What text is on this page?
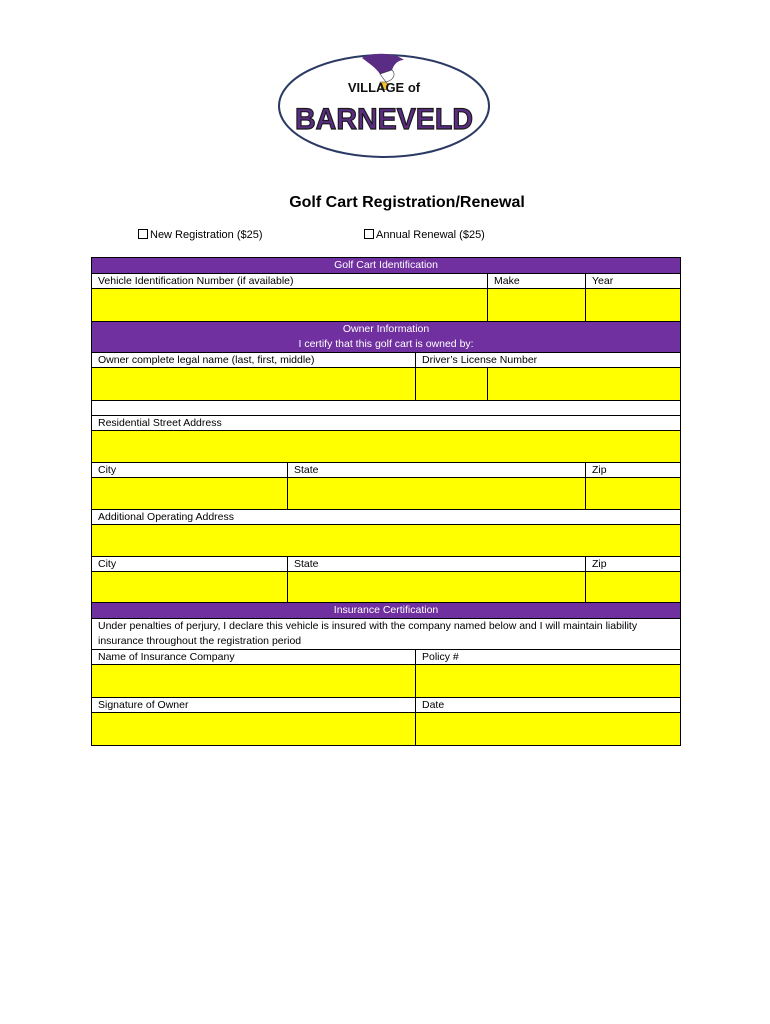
VILLAGE of
BARNEVELD
Golf Cart Registration/Renewal
New Registration ($25)	Annual Renewal ($25)
Golf Cart Identification				
Vehicle Identification Number (if available)			Make	Year

Owner Information
I certify that this golf cart is owned by:				

Owner complete legal name (last, first, middle)		Driver’s License Number		

Residential Street Address				

City	State			Zip

Additional Operating Address				

City	State			Zip

Insurance Certification				
Under penalties of perjury, I declare this vehicle is insured with the company named below and I will maintain liability insurance throughout the registration period				
Name of Insurance Company		Policy #		

Signature of Owner		Date		
